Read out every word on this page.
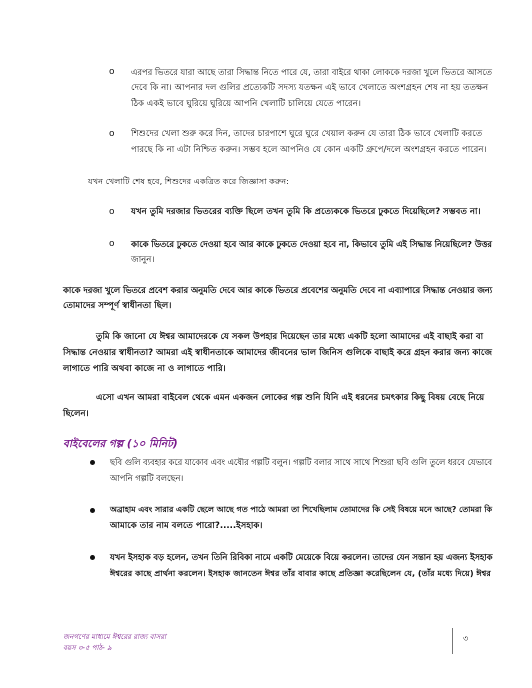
o এরপর ভিতরে যারা আছে তারা সিদ্ধান্ত নিতে পারে যে, তারা বাইরে থাকা লোককে দরজা খুলে ভিতরে আসতে
দেবে কি না। আপনার দল গুলির প্রত্যেকটি সদস্য যতক্ষন এই ভাবে খেলাতে অংশগ্রহন শেষ না হয় ততক্ষন
ঠিক একই ভাবে ঘুরিয়ে ঘুরিয়ে আপনি খেলাটি চালিয়ে যেতে পারেন।
o শিশুদের খেলা শুরু করে দিন, তাদের চারপাশে ঘুরে ঘুরে খেয়াল করুন যে তারা ঠিক ভাবে খেলাটি করতে
পারছে কি না এটা নিশ্চিত করুন। সম্ভব হলে আপনিও যে কোন একটি গ্রুপে/দলে অংশগ্রহন করতে পারেন।
যখন খেলাটি শেষ হবে, শিশুদের একত্রিত করে জিজ্ঞাসা করুন:
o যখন তুমি দরজার ভিতরের ব্যক্তি ছিলে তখন তুমি কি প্রত্যেককে ভিতরে ঢুকতে দিয়েছিলে? সম্ভবত না।
o কাকে ভিতরে ঢুকতে দেওয়া হবে আর কাকে ঢুকতে দেওয়া হবে না, কিভাবে তুমি এই সিদ্ধান্ত নিয়েছিলে? উত্তর
জানুন।
কাকে দরজা খুলে ভিতরে প্রবেশ করার অনুমতি দেবে আর কাকে ভিতরে প্রবেশের অনুমতি দেবে না এব্যাপারে সিদ্ধান্ত নেওয়ার জন্য
তোমাদের সম্পূর্ণ স্বাধীনতা ছিল।
তুমি কি জানো যে ঈশ্বর আমাদেরকে যে সকল উপহার দিয়েছেন তার মধ্যে একটি হলো আমাদের এই বাছাই করা বা
সিদ্ধান্ত নেওয়ার স্বাধীনতা? আমরা এই স্বাধীনতাকে আমাদের জীবনের ভাল জিনিস গুলিকে বাছাই করে গ্রহন করার জন্য কাজে
লাগাতে পারি অথবা কাজে না ও লাগাতে পারি।
এসো এখন আমরা বাইবেল থেকে এমন একজন লোকের গল্প শুনি যিনি এই ধরনের চমৎকার কিছু বিষয় বেছে নিয়ে
ছিলেন।
বাইবেলের গল্প (১০ মিনিট)
ছবি গুলি ব্যবহার করে যাকোব এবং এষৌর গল্পটি বলুন। গল্পটি বলার সাথে সাথে শিশুরা ছবি গুলি তুলে ধরবে যেভাবে
আপনি গল্পটি বলছেন।
অব্রাহাম এবং সারার একটি ছেলে আছে গত পাঠে আমরা তা শিখেছিলাম তোমাদের কি সেই বিষয়ে মনে আছে? তোমরা কি
আমাকে তার নাম বলতে পারো?.....ইসহাক।
যখন ইসহাক বড় হলেন, তখন তিনি রিবিকা নামে একটি মেয়েকে বিয়ে করলেন। তাদের যেন সন্তান হয় এজন্য ইসহাক
ঈশ্বরের কাছে প্রার্থনা করলেন। ইসহাক জানতেন ঈশ্বর তাঁর বাবার কাছে প্রতিজ্ঞা করেছিলেন যে, (তাঁর মধ্যে দিয়ে) ঈশ্বর
জনগণের মাধ্যমে ঈশ্বরের রাজ্য বাসরা
বয়স ৩-৫ পাঠ- ৯
৩
